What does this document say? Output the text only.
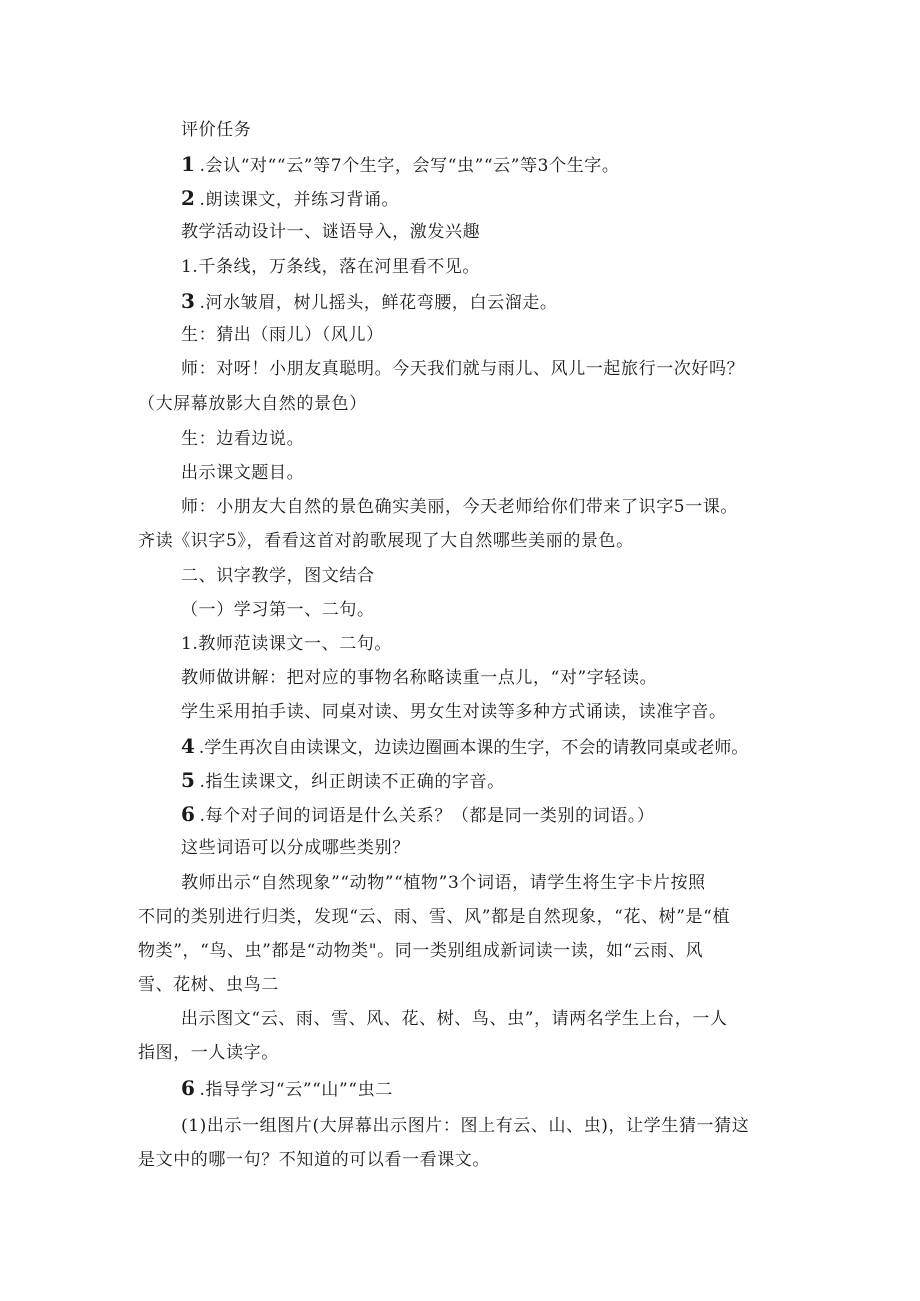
评价任务
1 .会认“对““云”等7个生字，会写“虫”“云”等3个生字。
2 .朗读课文，并练习背诵。
教学活动设计一、谜语导入，激发兴趣
1.千条线，万条线，落在河里看不见。
3 .河水皱眉，树儿摇头，鲜花弯腰，白云溜走。
生：猜出（雨儿）（风儿）
师：对呀！小朋友真聪明。今天我们就与雨儿、风儿一起旅行一次好吗？
（大屏幕放影大自然的景色）
生：边看边说。
出示课文题目。
师：小朋友大自然的景色确实美丽，今天老师给你们带来了识字5一课。
齐读《识字5》，看看这首对韵歌展现了大自然哪些美丽的景色。
二、识字教学，图文结合
（一）学习第一、二句。
1.教师范读课文一、二句。
教师做讲解：把对应的事物名称略读重一点儿，“对”字轻读。
学生采用拍手读、同桌对读、男女生对读等多种方式诵读，读准字音。
4 .学生再次自由读课文，边读边圈画本课的生字，不会的请教同桌或老师。
5 .指生读课文，纠正朗读不正确的字音。
6 .每个对子间的词语是什么关系？（都是同一类别的词语。）
这些词语可以分成哪些类别？
教师出示“自然现象”“动物”“植物”3个词语，请学生将生字卡片按照
不同的类别进行归类，发现“云、雨、雪、风”都是自然现象，“花、树”是“植
物类”，“鸟、虫”都是“动物类"。同一类别组成新词读一读，如“云雨、风
雪、花树、虫鸟二
出示图文“云、雨、雪、风、花、树、鸟、虫”，请两名学生上台，一人
指图，一人读字。
6 .指导学习“云”“山”“虫二
(1)出示一组图片(大屏幕出示图片：图上有云、山、虫)，让学生猜一猜这
是文中的哪一句？不知道的可以看一看课文。
